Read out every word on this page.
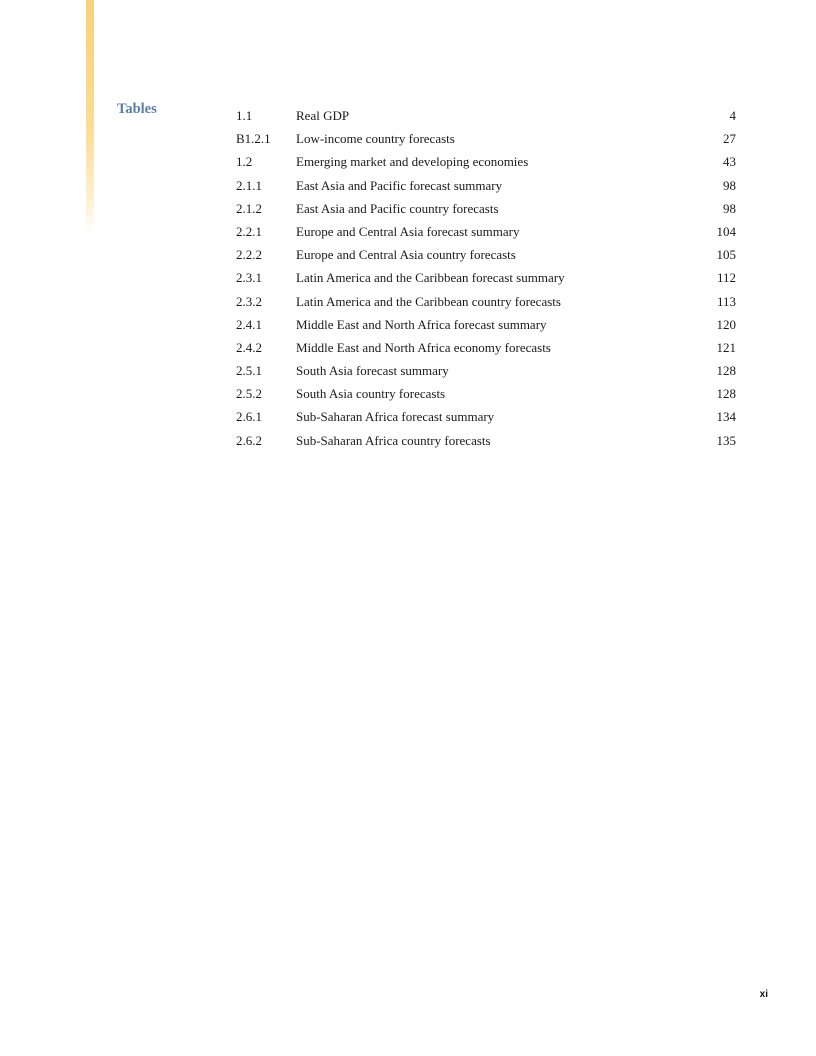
Tables	1.1	Real GDP	4
B1.2.1	Low-income country forecasts	27
1.2	Emerging market and developing economies	43
2.1.1	East Asia and Pacific forecast summary	98
2.1.2	East Asia and Pacific country forecasts	98
2.2.1	Europe and Central Asia forecast summary	104
2.2.2	Europe and Central Asia country forecasts	105
2.3.1	Latin America and the Caribbean forecast summary	112
2.3.2	Latin America and the Caribbean country forecasts	113
2.4.1	Middle East and North Africa forecast summary	120
2.4.2	Middle East and North Africa economy forecasts	121
2.5.1	South Asia forecast summary	128
2.5.2	South Asia country forecasts	128
2.6.1	Sub-Saharan Africa forecast summary	134
2.6.2	Sub-Saharan Africa country forecasts	135
xi
